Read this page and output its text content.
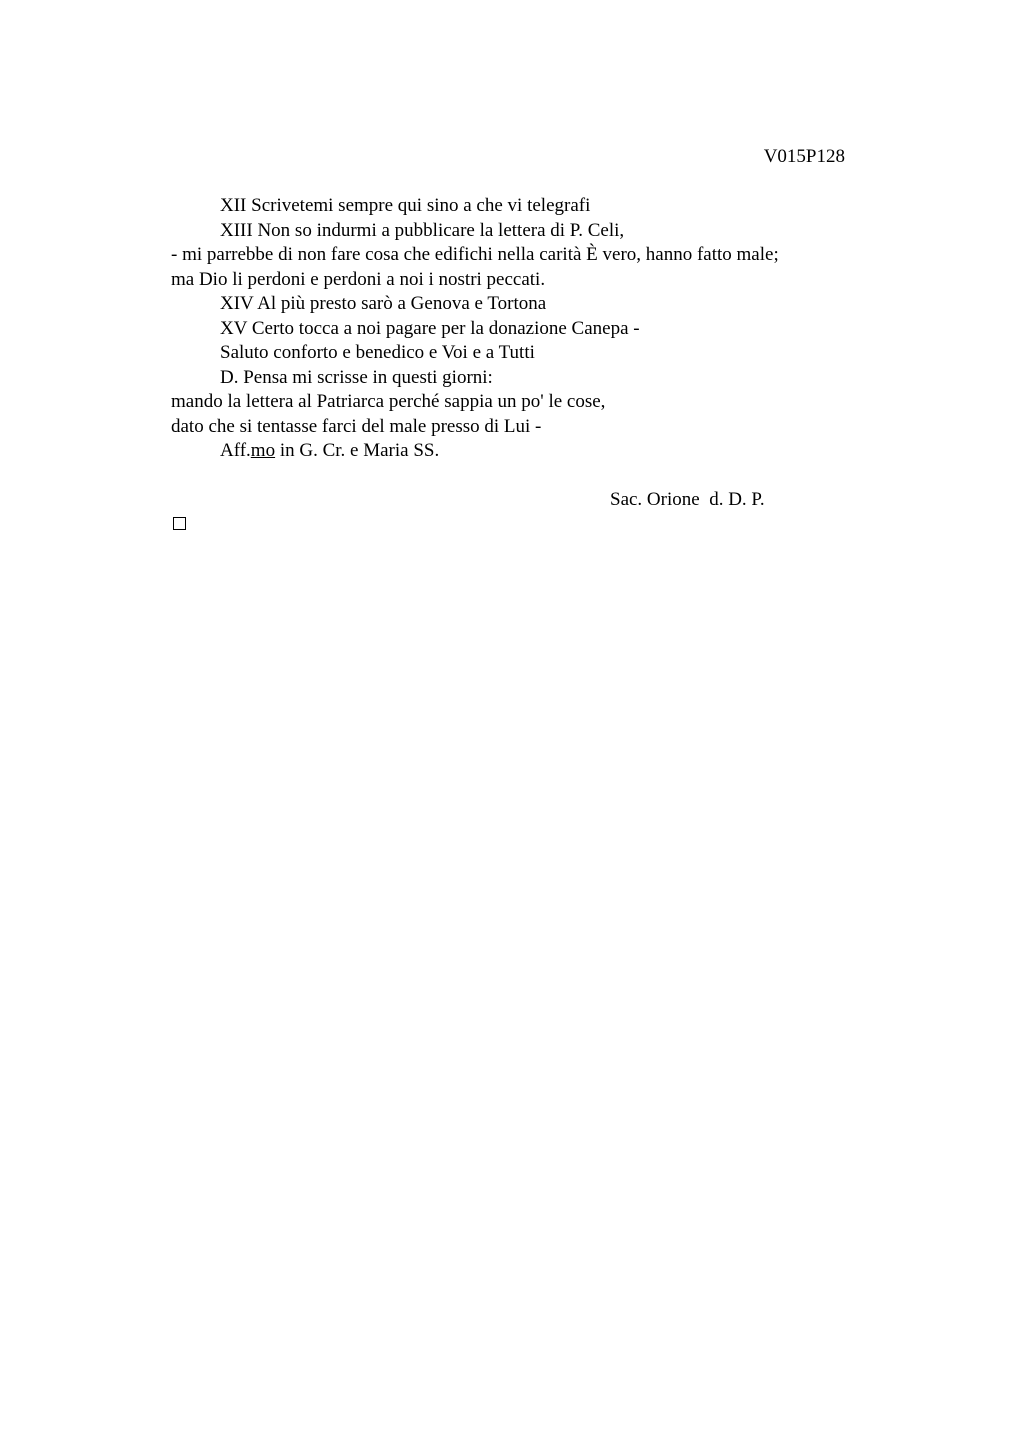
V015P128
XII Scrivetemi sempre qui sino a che vi telegrafi
XIII Non so indurmi a pubblicare la lettera di P. Celi,
- mi parrebbe di non fare cosa che edifichi nella carità È vero, hanno fatto male;
ma Dio li perdoni e perdoni a noi i nostri peccati.
XIV Al più presto sarò a Genova e Tortona
XV Certo tocca a noi pagare per la donazione Canepa -
Saluto conforto e benedico e Voi e a Tutti
D. Pensa mi scrisse in questi giorni:
mando la lettera al Patriarca perché sappia un po' le cose,
dato che si tentasse farci del male presso di Lui -
Aff.mo in G. Cr. e Maria SS.
Sac. Orione  d. D. P.
